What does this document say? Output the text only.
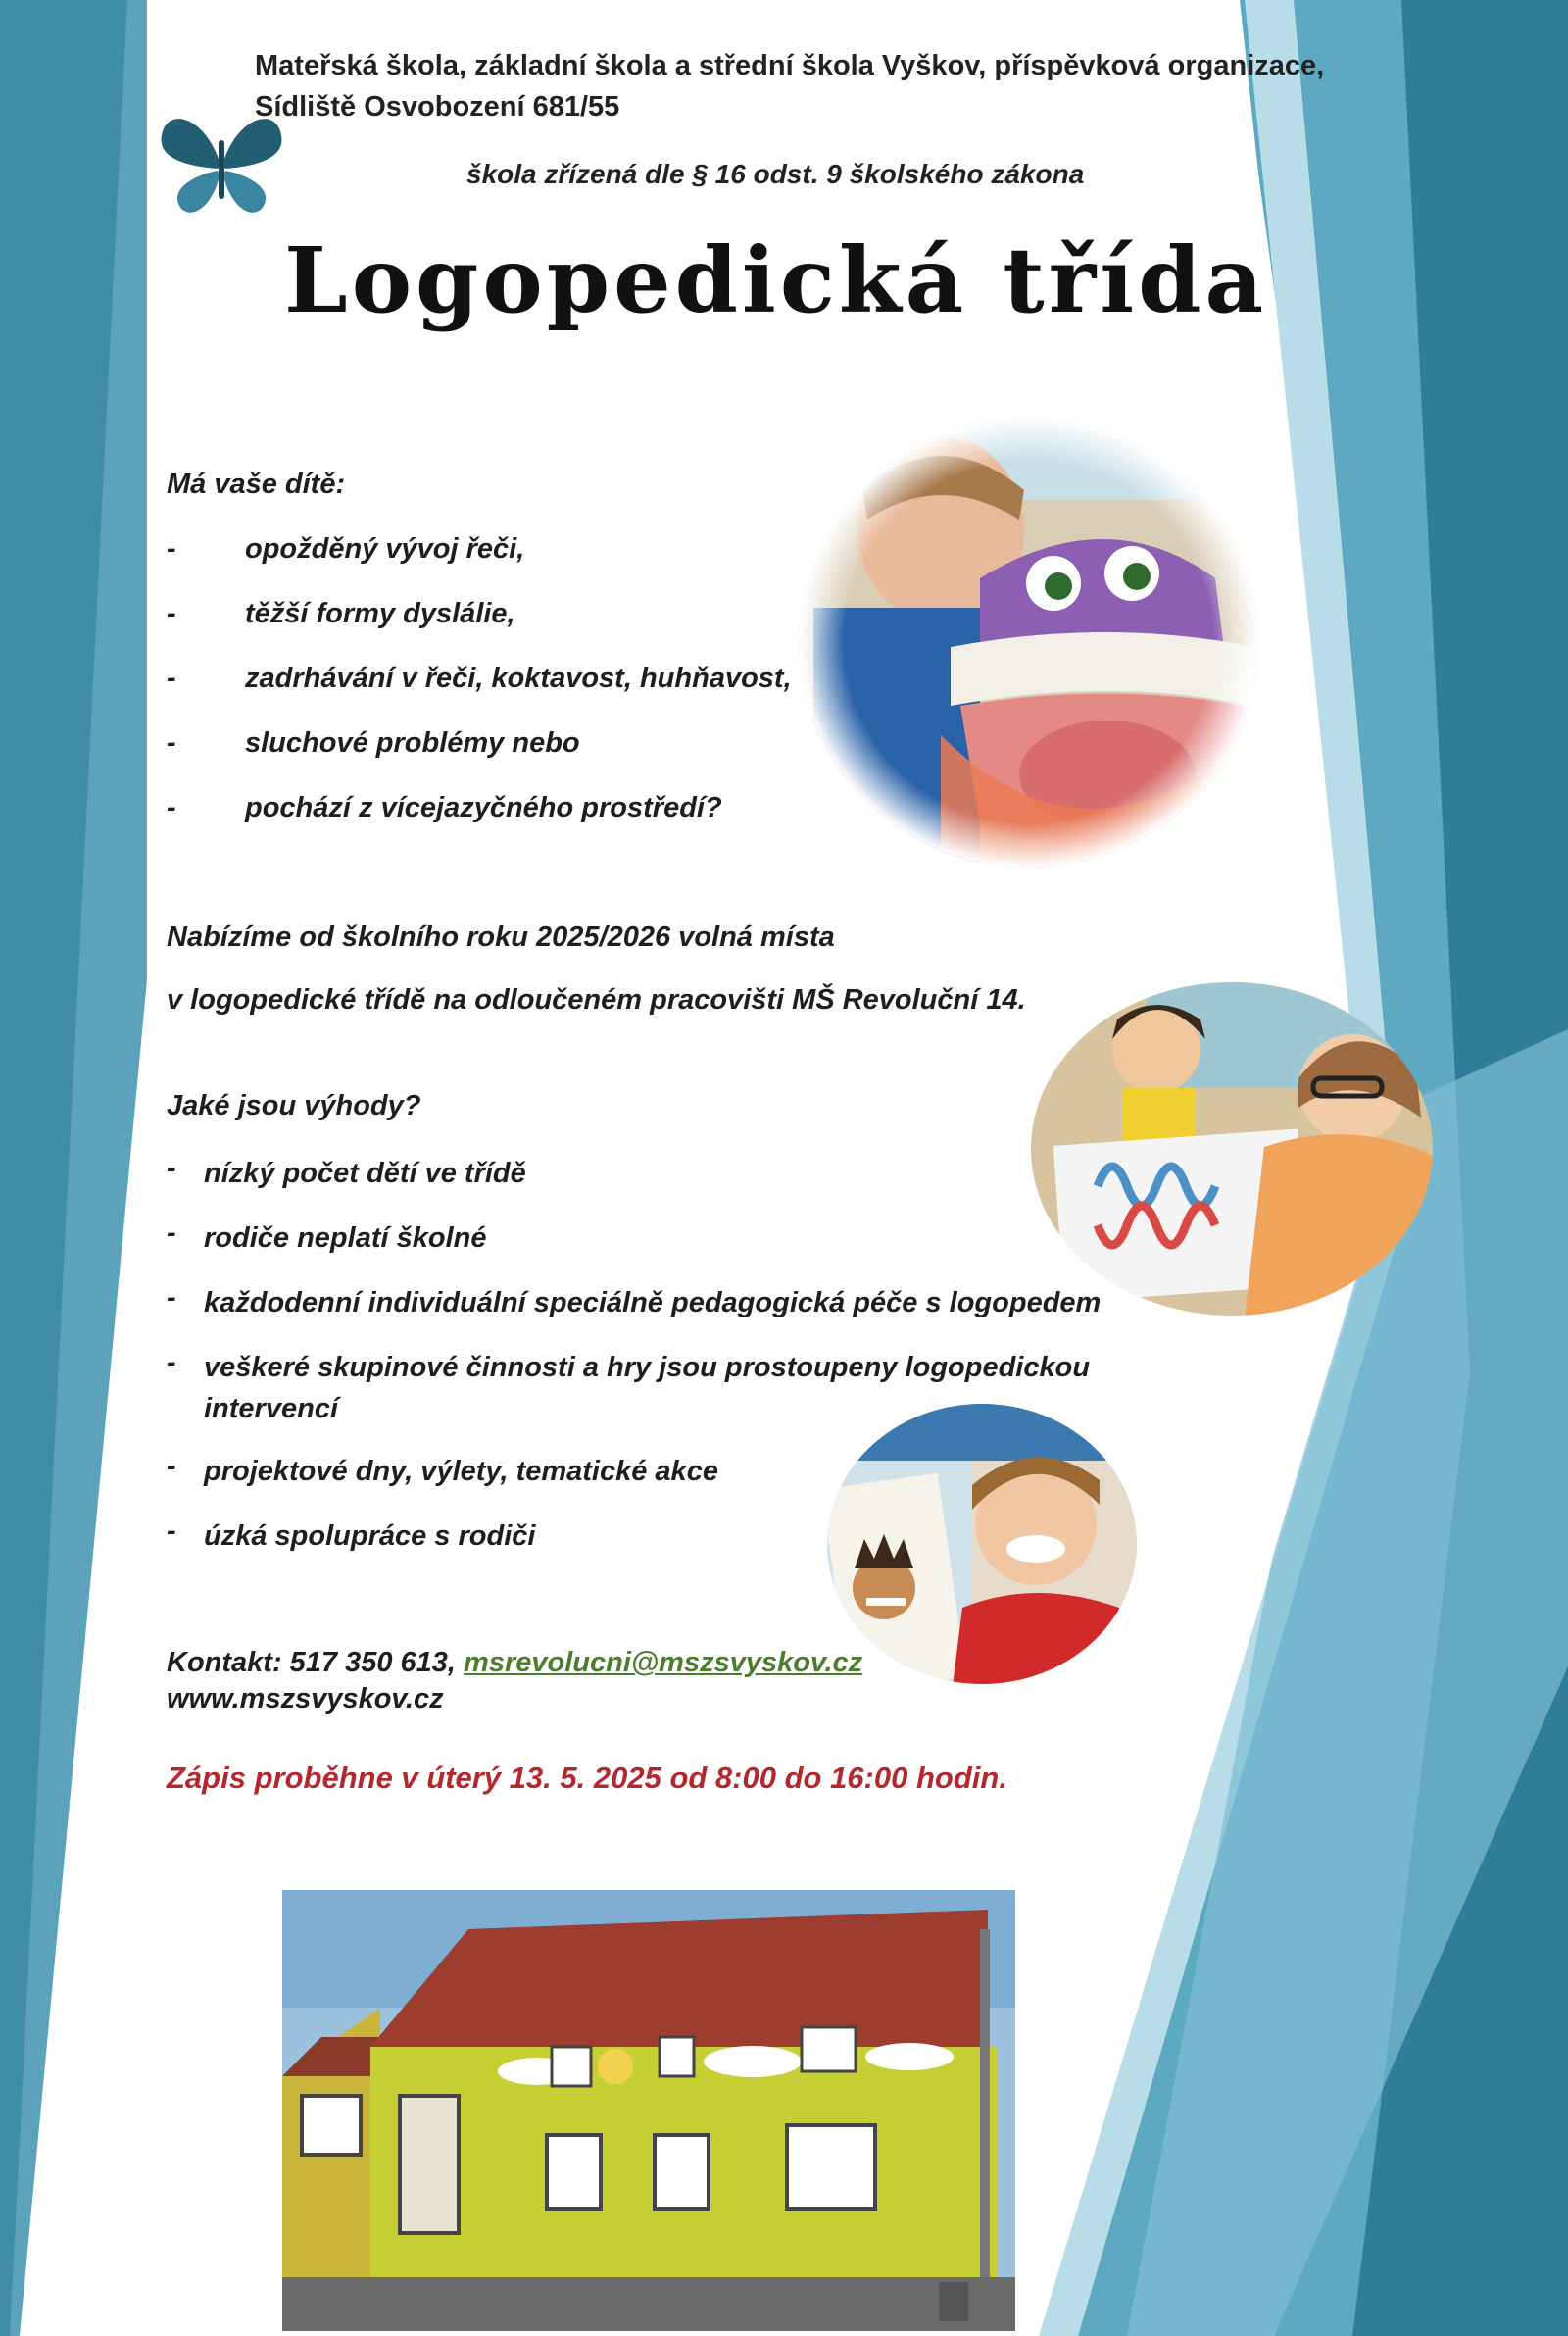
Mateřská škola, základní škola a střední škola Vyškov, příspěvková organizace,
Sídliště Osvobození 681/55
škola zřízená dle § 16 odst. 9 školského zákona
Logopedická třída
Má vaše dítě:
- opožděný vývoj řeči,
- těžší formy dyslálie,
- zadrhávání v řeči, koktavost, huhňavost,
- sluchové problémy nebo
- pochází z vícejazyčného prostředí?
Nabízíme od školního roku 2025/2026 volná místa
v logopedické třídě na odloučeném pracovišti MŠ Revoluční 14.
Jaké jsou výhody?
- nízký počet dětí ve třídě
- rodiče neplatí školné
- každodenní individuální speciálně pedagogická péče s logopedem
- veškeré skupinové činnosti a hry jsou prostoupeny logopedickou intervencí
- projektové dny, výlety, tematické akce
- úzká spolupráce s rodiči
Kontakt: 517 350 613, msrevolucni@mszsvyskov.cz
www.mszsvyskov.cz
Zápis proběhne v úterý 13. 5. 2025 od 8:00 do 16:00 hodin.
